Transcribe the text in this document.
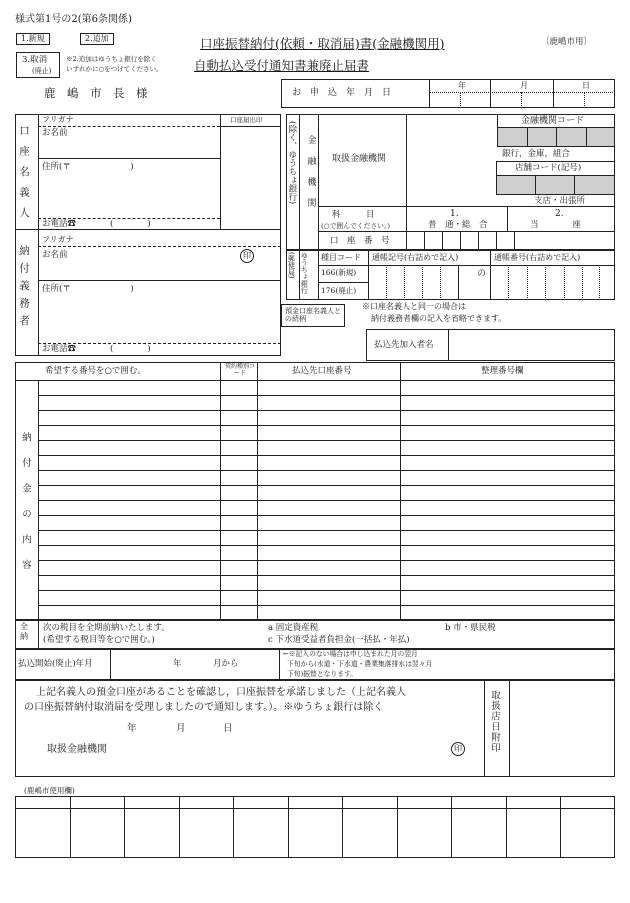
様式第1号の2(第6条関係)
1.新規	2.追加
3.取消
(廃止)
※2.追加はゆうちょ銀行を除く
いずれかに○をつけてください。
口座振替納付(依頼・取消届)書(金融機関用)
自動払込受付通知書兼廃止届書
〔鹿嶋市用〕
鹿　嶋　市　長　様	お　申　込　年　月　日
年	月	日
口座名義人
フリガナ	口座届出印
お名前
住所(〒　　　　　　　)
お電話☎　　　　(　　　　)
納付義務者
フリガナ
お名前	印
住所(〒　　　　　　　)
お電話☎　　　　(　　　　)
(除く、ゆうちょ銀行) 金融機関 取扱金融機関
金融機関コード
銀行，金庫，組合
店舗コード(記号)
支店・出張所
科　　　目
(○で囲んでください。)
1.	2.
普　通・総　合	当　　　　座
口　座　番　号
(郵便局) ゆうちょ銀行 種目コード 通帳記号(右詰めで記入)	通帳番号(右詰めで記入)
166(新規)
176(廃止)
の
預金口座名義人との続柄
※口座名義人と同一の場合は
納付義務者欄の記入を省略できます。
払込先加入者名
希望する番号を○で囲む。	契約種別コード	払込先口座番号	整理番号欄
納付金の内容
全納
次の税目を全期前納いたします。
(希望する税目等を○で囲む。)
a 固定資産税	b 市・県民税
c 下水道受益者負担金(一括払・年払)
払込開始(廃止)年月	年	月から
←※記入のない場合は申し込まれた月の翌月
下旬から(水道・下水道・農業集落排水は翌々月
下旬)振替となります。
上記名義人の預金口座があることを確認し，口座振替を承諾しました（上記名義人
の口座振替納付取消届を受理しましたので通知します。）。※ゆうちょ銀行は除く
年	月	日
取扱金融機関	印	取扱店日附印
(鹿嶋市使用欄)
